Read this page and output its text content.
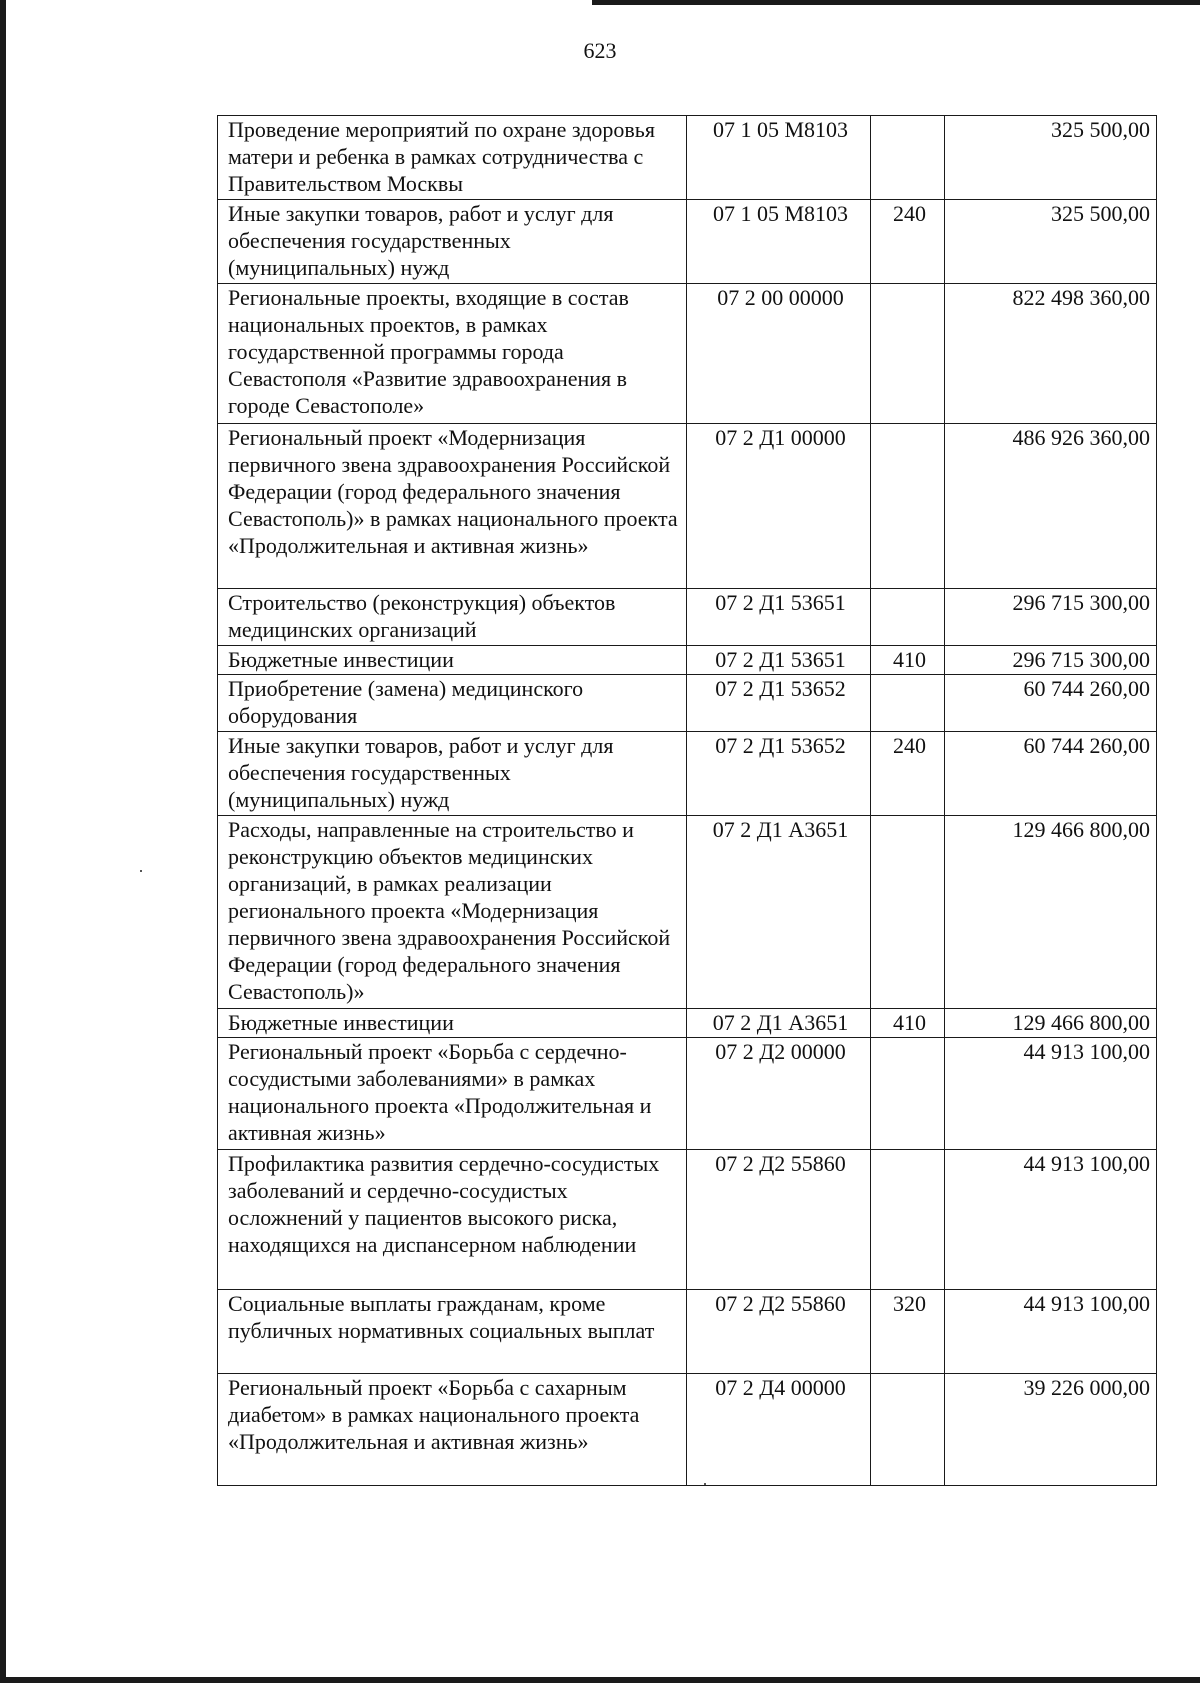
623
Проведение мероприятий по охране здоровья матери и ребенка в рамках сотрудничества с Правительством Москвы	07 1 05 M8103		325 500,00
Иные закупки товаров, работ и услуг для обеспечения государственных (муниципальных) нужд	07 1 05 M8103	240	325 500,00
Региональные проекты, входящие в состав национальных проектов, в рамках государственной программы города Севастополя «Развитие здравоохранения в городе Севастополе»	07 2 00 00000		822 498 360,00
Региональный проект «Модернизация первичного звена здравоохранения Российской Федерации (город федерального значения Севастополь)» в рамках национального проекта «Продолжительная и активная жизнь»	07 2 Д1 00000		486 926 360,00
Строительство (реконструкция) объектов медицинских организаций	07 2 Д1 53651		296 715 300,00
Бюджетные инвестиции	07 2 Д1 53651	410	296 715 300,00
Приобретение (замена) медицинского оборудования	07 2 Д1 53652		60 744 260,00
Иные закупки товаров, работ и услуг для обеспечения государственных (муниципальных) нужд	07 2 Д1 53652	240	60 744 260,00
Расходы, направленные на строительство и реконструкцию объектов медицинских организаций, в рамках реализации регионального проекта «Модернизация первичного звена здравоохранения Российской Федерации (город федерального значения Севастополь)»	07 2 Д1 A3651		129 466 800,00
Бюджетные инвестиции	07 2 Д1 A3651	410	129 466 800,00
Региональный проект «Борьба с сердечно-сосудистыми заболеваниями» в рамках национального проекта «Продолжительная и активная жизнь»	07 2 Д2 00000		44 913 100,00
Профилактика развития сердечно-сосудистых заболеваний и сердечно-сосудистых осложнений у пациентов высокого риска, находящихся на диспансерном наблюдении	07 2 Д2 55860		44 913 100,00
Социальные выплаты гражданам, кроме публичных нормативных социальных выплат	07 2 Д2 55860	320	44 913 100,00
Региональный проект «Борьба с сахарным диабетом» в рамках национального проекта «Продолжительная и активная жизнь»	07 2 Д4 00000		39 226 000,00
